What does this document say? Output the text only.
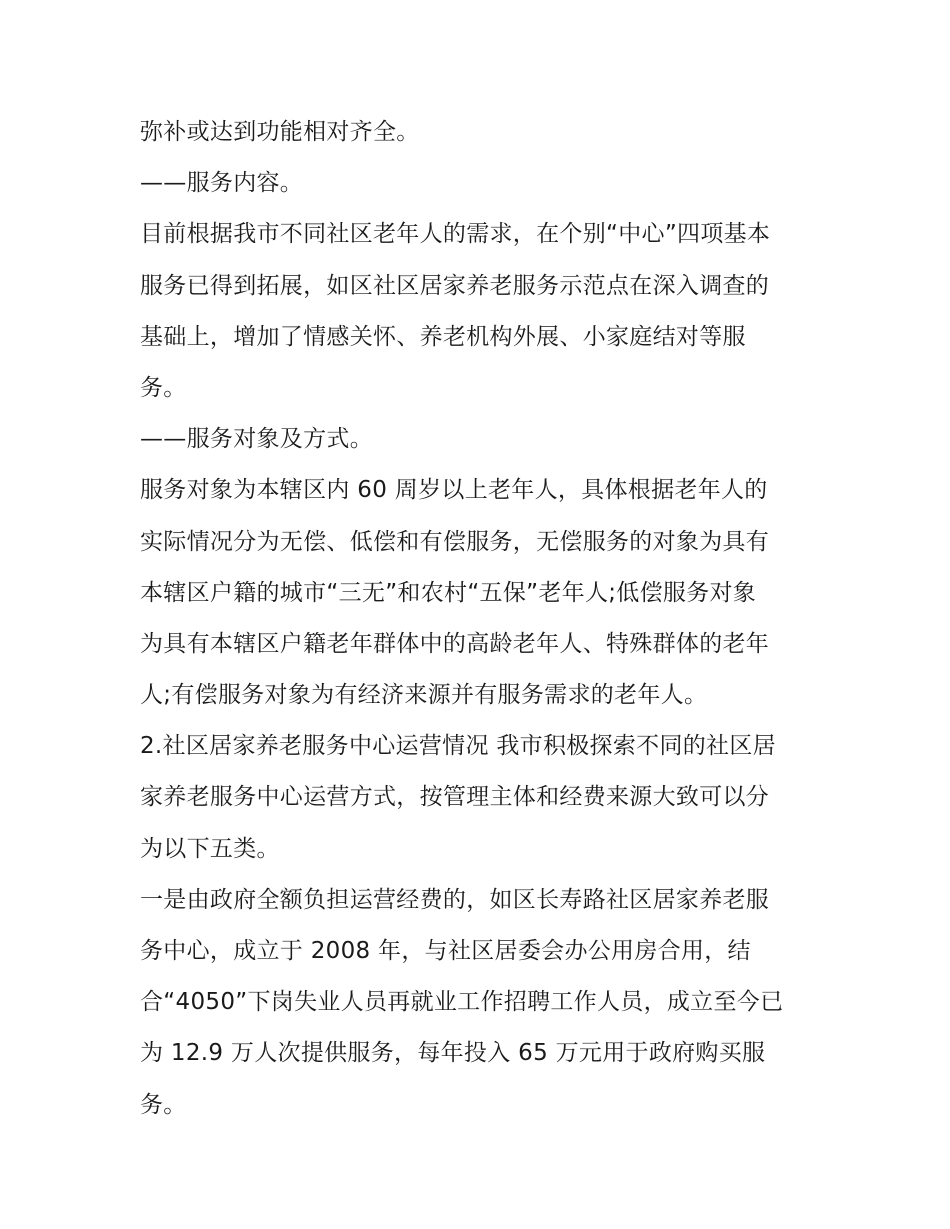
弥补或达到功能相对齐全。
——服务内容。
目前根据我市不同社区老年人的需求，在个别“中心”四项基本
服务已得到拓展，如区社区居家养老服务示范点在深入调查的
基础上，增加了情感关怀、养老机构外展、小家庭结对等服
务。
——服务对象及方式。
服务对象为本辖区内 60 周岁以上老年人，具体根据老年人的
实际情况分为无偿、低偿和有偿服务，无偿服务的对象为具有
本辖区户籍的城市“三无”和农村“五保”老年人;低偿服务对象
为具有本辖区户籍老年群体中的高龄老年人、特殊群体的老年
人;有偿服务对象为有经济来源并有服务需求的老年人。
2.社区居家养老服务中心运营情况 我市积极探索不同的社区居
家养老服务中心运营方式，按管理主体和经费来源大致可以分
为以下五类。
一是由政府全额负担运营经费的，如区长寿路社区居家养老服
务中心，成立于 2008 年，与社区居委会办公用房合用，结
合“4050”下岗失业人员再就业工作招聘工作人员，成立至今已
为 12.9 万人次提供服务，每年投入 65 万元用于政府购买服
务。
